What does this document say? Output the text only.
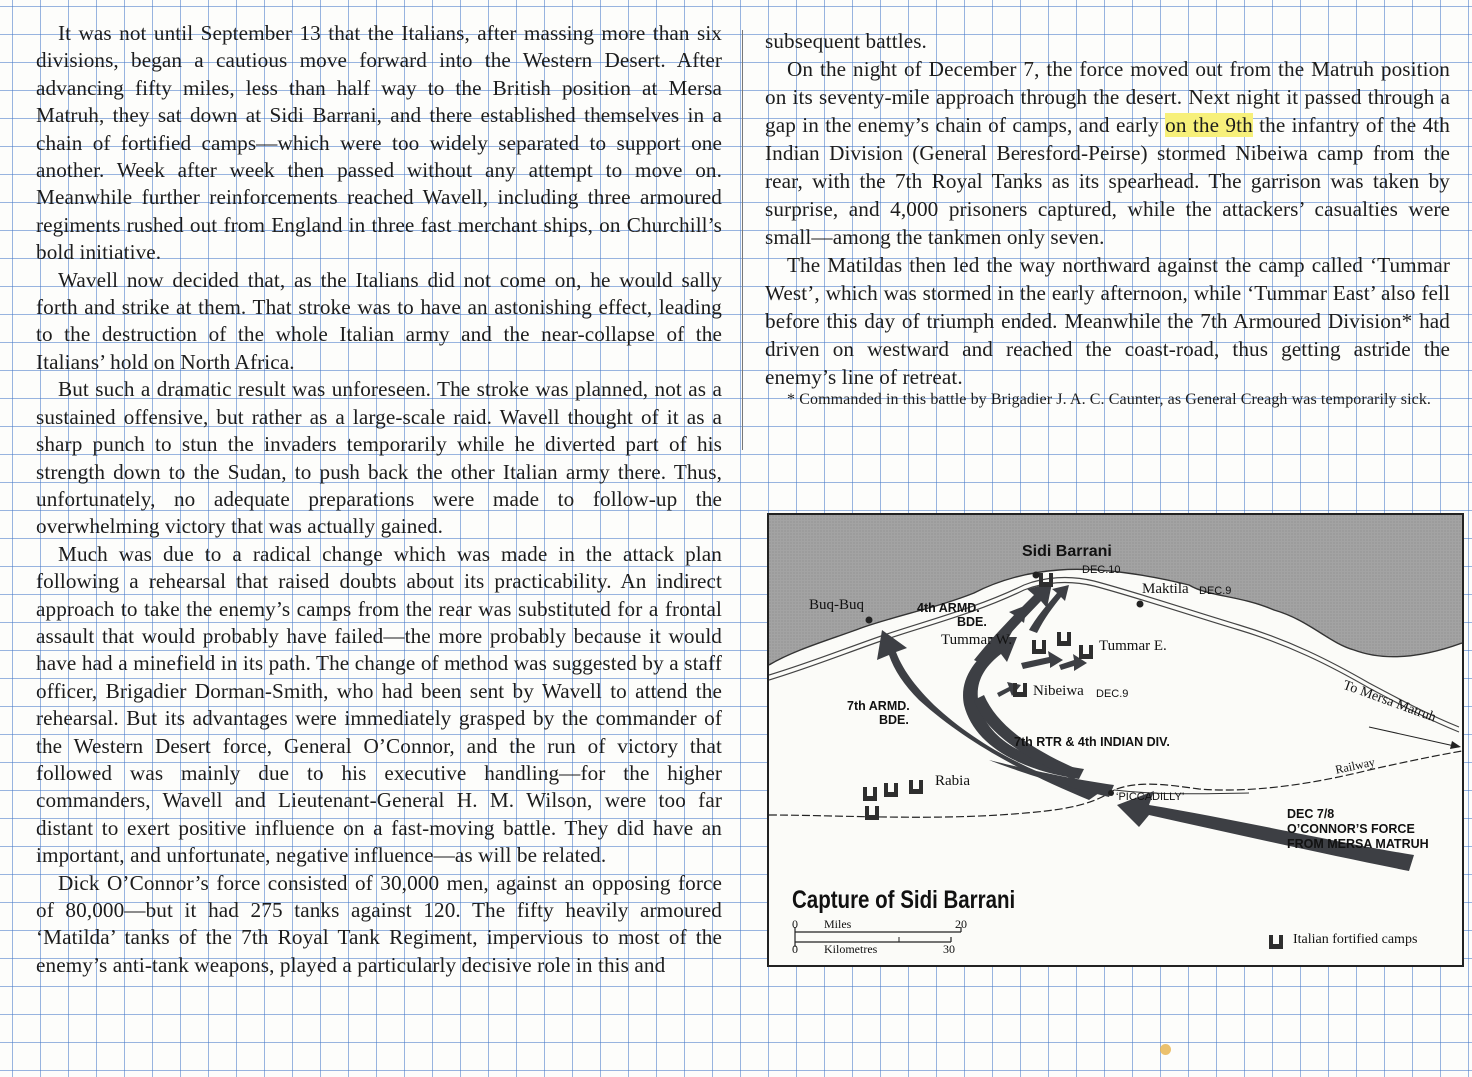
It was not until September 13 that the Italians, after massing more than six divisions, began a cautious move forward into the Western Desert. After advancing fifty miles, less than half way to the British position at Mersa Matruh, they sat down at Sidi Barrani, and there established themselves in a chain of fortified camps—which were too widely separated to support one another. Week after week then passed without any attempt to move on. Meanwhile further reinforcements reached Wavell, including three armoured regiments rushed out from England in three fast merchant ships, on Churchill’s bold initiative.

Wavell now decided that, as the Italians did not come on, he would sally forth and strike at them. That stroke was to have an astonishing effect, leading to the destruction of the whole Italian army and the near-collapse of the Italians’ hold on North Africa.

But such a dramatic result was unforeseen. The stroke was planned, not as a sustained offensive, but rather as a large-scale raid. Wavell thought of it as a sharp punch to stun the invaders temporarily while he diverted part of his strength down to the Sudan, to push back the other Italian army there. Thus, unfortunately, no adequate preparations were made to follow-up the overwhelming victory that was actually gained.

Much was due to a radical change which was made in the attack plan following a rehearsal that raised doubts about its practicability. An indirect approach to take the enemy’s camps from the rear was substituted for a frontal assault that would probably have failed—the more probably because it would have had a minefield in its path. The change of method was suggested by a staff officer, Brigadier Dorman-Smith, who had been sent by Wavell to attend the rehearsal. But its advantages were immediately grasped by the commander of the Western Desert force, General O’Connor, and the run of victory that followed was mainly due to his executive handling—for the higher commanders, Wavell and Lieutenant-General H. M. Wilson, were too far distant to exert positive influence on a fast-moving battle. They did have an important, and unfortunate, negative influence—as will be related.

Dick O’Connor’s force consisted of 30,000 men, against an opposing force of 80,000—but it had 275 tanks against 120. The fifty heavily armoured ‘Matilda’ tanks of the 7th Royal Tank Regiment, impervious to most of the enemy’s anti-tank weapons, played a particularly decisive role in this and

subsequent battles.

On the night of December 7, the force moved out from the Matruh position on its seventy-mile approach through the desert. Next night it passed through a gap in the enemy’s chain of camps, and early on the 9th the infantry of the 4th Indian Division (General Beresford-Peirse) stormed Nibeiwa camp from the rear, with the 7th Royal Tanks as its spearhead. The garrison was taken by surprise, and 4,000 prisoners captured, while the attackers’ casualties were small—among the tankmen only seven.

The Matildas then led the way northward against the camp called ‘Tummar West’, which was stormed in the early afternoon, while ‘Tummar East’ also fell before this day of triumph ended. Meanwhile the 7th Armoured Division* had driven on westward and reached the coast-road, thus getting astride the enemy’s line of retreat.

* Commanded in this battle by Brigadier J. A. C. Caunter, as General Creagh was temporarily sick.

Sidi Barrani
DEC.10
Maktila DEC.9
Buq-Buq	4th ARMD.
BDE.
Tummar W.	Tummar E.
Nibeiwa DEC.9
7th ARMD.
BDE.
7th RTR & 4th INDIAN DIV.
To Mersa Matruh
Railway
Rabia
‘PICCADILLY’
DEC 7/8
O’CONNOR’S FORCE
FROM MERSA MATRUH
Capture of Sidi Barrani
0 Miles	20
0 Kilometres	30
Italian fortified camps
